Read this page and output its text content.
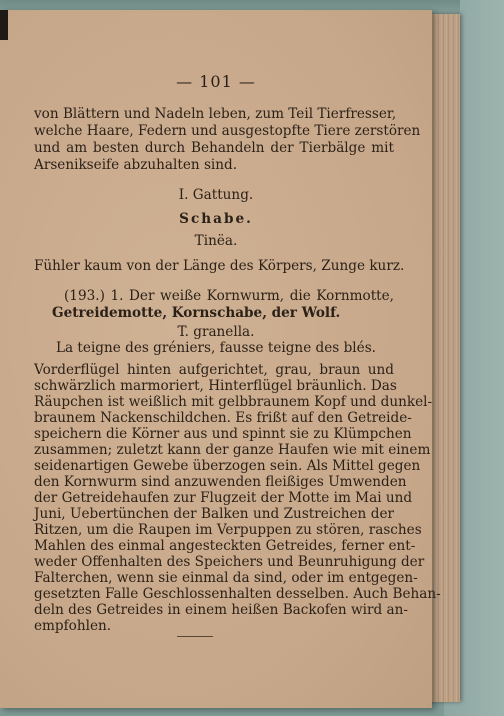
— 101 —
von Blättern und Nadeln leben, zum Teil Tierfresser,
welche Haare, Federn und ausgestopfte Tiere zerstören
und am besten durch Behandeln der Tierbälge mit
Arsenikseife abzuhalten sind.
I. Gattung.
Schabe.
Tinëa.
Fühler kaum von der Länge des Körpers, Zunge kurz.
(193.) 1. Der weiße Kornwurm, die Kornmotte,
Getreidemotte, Kornschabe, der Wolf.
T. granella.
La teigne des gréniers, fausse teigne des blés.
Vorderflügel hinten aufgerichtet, grau, braun und
schwärzlich marmoriert, Hinterflügel bräunlich. Das
Räupchen ist weißlich mit gelbbraunem Kopf und dunkel-
braunem Nackenschildchen. Es frißt auf den Getreide-
speichern die Körner aus und spinnt sie zu Klümpchen
zusammen; zuletzt kann der ganze Haufen wie mit einem
seidenartigen Gewebe überzogen sein. Als Mittel gegen
den Kornwurm sind anzuwenden fleißiges Umwenden
der Getreidehaufen zur Flugzeit der Motte im Mai und
Juni, Uebertünchen der Balken und Zustreichen der
Ritzen, um die Raupen im Verpuppen zu stören, rasches
Mahlen des einmal angesteckten Getreides, ferner ent-
weder Offenhalten des Speichers und Beunruhigung der
Falterchen, wenn sie einmal da sind, oder im entgegen-
gesetzten Falle Geschlossenhalten desselben. Auch Behan-
deln des Getreides in einem heißen Backofen wird an-
empfohlen.
